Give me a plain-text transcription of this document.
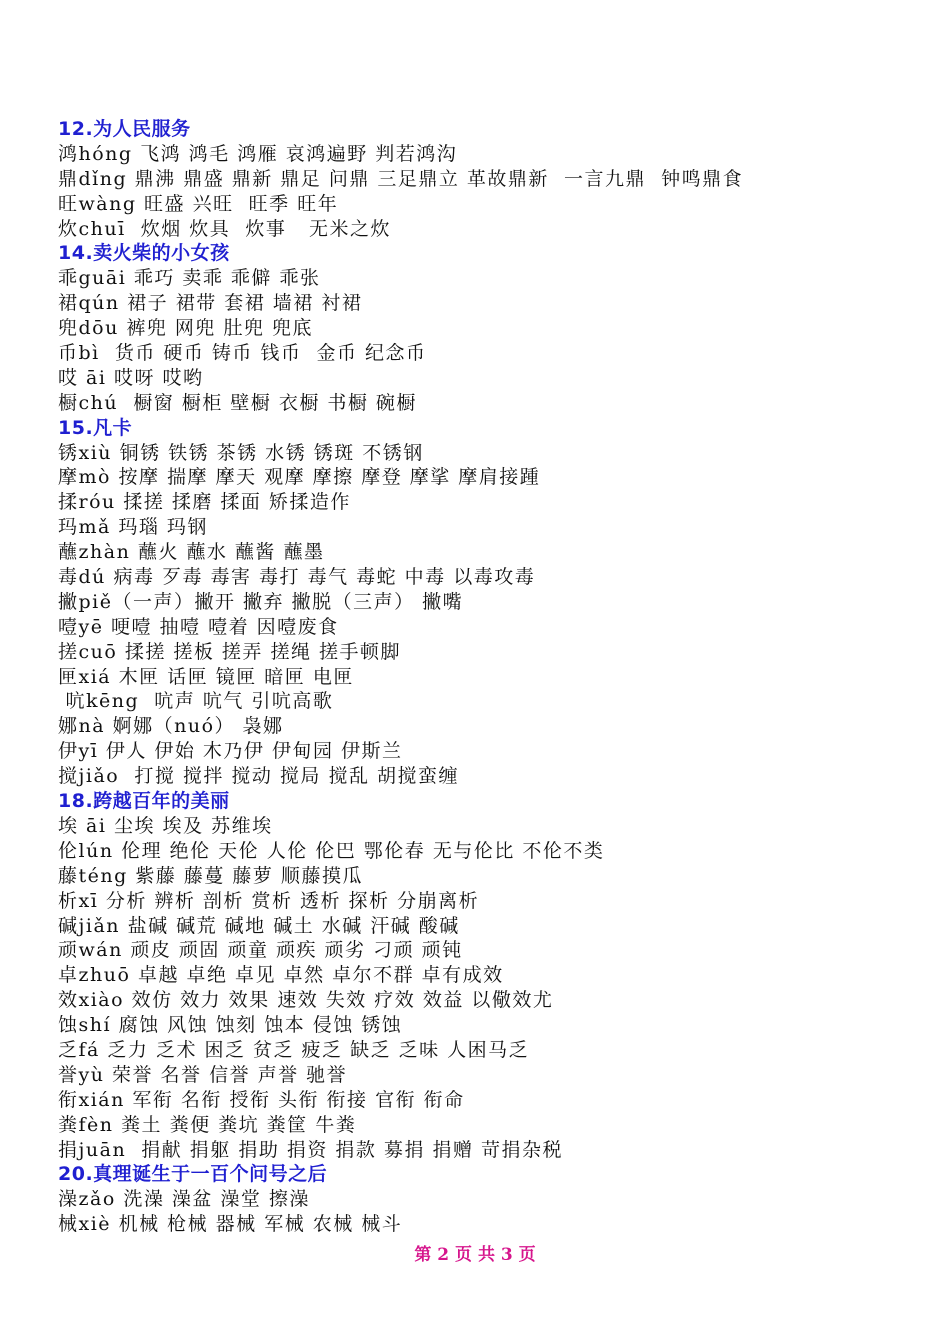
12.为人民服务
鸿hóng 飞鸿 鸿毛 鸿雁 哀鸿遍野 判若鸿沟
鼎dǐng 鼎沸 鼎盛 鼎新 鼎足 问鼎 三足鼎立 革故鼎新  一言九鼎  钟鸣鼎食
旺wàng 旺盛 兴旺  旺季 旺年
炊chuī  炊烟 炊具  炊事   无米之炊
14.卖火柴的小女孩
乖guāi 乖巧 卖乖 乖僻 乖张
裙qún 裙子 裙带 套裙 墙裙 衬裙
兜dōu 裤兜 网兜 肚兜 兜底
币bì  货币 硬币 铸币 钱币  金币 纪念币
哎 āi 哎呀 哎哟
橱chú  橱窗 橱柜 壁橱 衣橱 书橱 碗橱
15.凡卡
锈xiù 铜锈 铁锈 茶锈 水锈 锈斑 不锈钢
摩mò 按摩 揣摩 摩天 观摩 摩擦 摩登 摩挲 摩肩接踵
揉róu 揉搓 揉磨 揉面 矫揉造作
玛mǎ 玛瑙 玛钢
蘸zhàn 蘸火 蘸水 蘸酱 蘸墨
毒dú 病毒 歹毒 毒害 毒打 毒气 毒蛇 中毒 以毒攻毒
撇piě（一声）撇开 撇弃 撇脱（三声） 撇嘴
噎yē 哽噎 抽噎 噎着 因噎废食
搓cuō 揉搓 搓板 搓弄 搓绳 搓手顿脚
匣xiá 木匣 话匣 镜匣 暗匣 电匣
吭kēng  吭声 吭气 引吭高歌
娜nà 婀娜（nuó） 袅娜
伊yī 伊人 伊始 木乃伊 伊甸园 伊斯兰
搅jiǎo  打搅 搅拌 搅动 搅局 搅乱 胡搅蛮缠
18.跨越百年的美丽
埃 āi 尘埃 埃及 苏维埃
伦lún 伦理 绝伦 天伦 人伦 伦巴 鄂伦春 无与伦比 不伦不类
藤téng 紫藤 藤蔓 藤萝 顺藤摸瓜
析xī 分析 辨析 剖析 赏析 透析 探析 分崩离析
碱jiǎn 盐碱 碱荒 碱地 碱土 水碱 汗碱 酸碱
顽wán 顽皮 顽固 顽童 顽疾 顽劣 刁顽 顽钝
卓zhuō 卓越 卓绝 卓见 卓然 卓尔不群 卓有成效
效xiào 效仿 效力 效果 速效 失效 疗效 效益 以儆效尤
蚀shí 腐蚀 风蚀 蚀刻 蚀本 侵蚀 锈蚀
乏fá 乏力 乏术 困乏 贫乏 疲乏 缺乏 乏味 人困马乏
誉yù 荣誉 名誉 信誉 声誉 驰誉
衔xián 军衔 名衔 授衔 头衔 衔接 官衔 衔命
粪fèn 粪土 粪便 粪坑 粪筐 牛粪
捐juān  捐献 捐躯 捐助 捐资 捐款 募捐 捐赠 苛捐杂税
20.真理诞生于一百个问号之后
澡zǎo 洗澡 澡盆 澡堂 擦澡
械xiè 机械 枪械 器械 军械 农械 械斗
第 2 页 共 3 页
